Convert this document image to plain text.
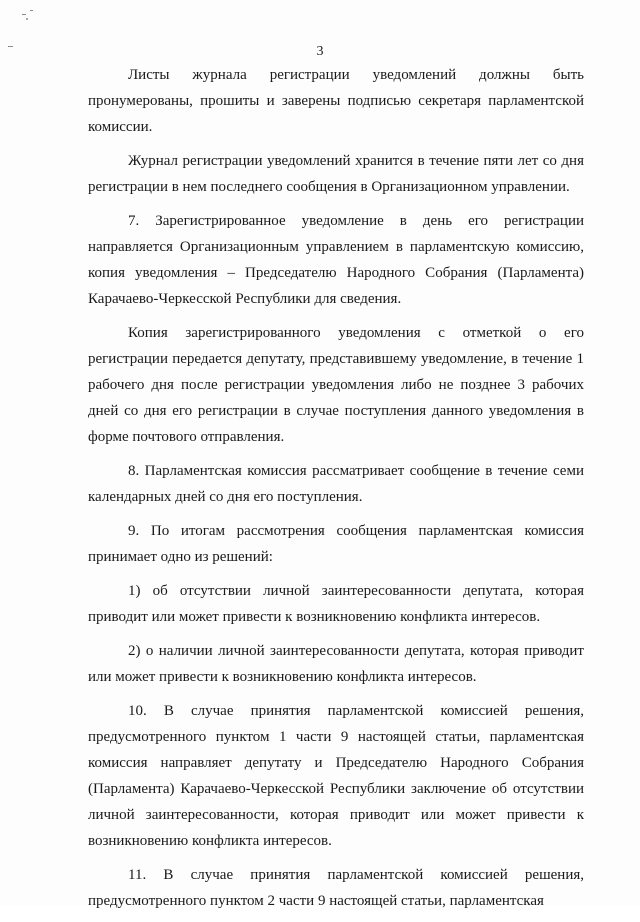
3

Листы журнала регистрации уведомлений должны быть пронумерованы, прошиты и заверены подписью секретаря парламентской комиссии.

Журнал регистрации уведомлений хранится в течение пяти лет со дня регистрации в нем последнего сообщения в Организационном управлении.

7. Зарегистрированное уведомление в день его регистрации направляется Организационным управлением в парламентскую комиссию, копия уведомления – Председателю Народного Собрания (Парламента) Карачаево-Черкесской Республики для сведения.

Копия зарегистрированного уведомления с отметкой о его регистрации передается депутату, представившему уведомление, в течение 1 рабочего дня после регистрации уведомления либо не позднее 3 рабочих дней со дня его регистрации в случае поступления данного уведомления в форме почтового отправления.

8. Парламентская комиссия рассматривает сообщение в течение семи календарных дней со дня его поступления.

9. По итогам рассмотрения сообщения парламентская комиссия принимает одно из решений:

1) об отсутствии личной заинтересованности депутата, которая приводит или может привести к возникновению конфликта интересов.

2) о наличии личной заинтересованности депутата, которая приводит или может привести к возникновению конфликта интересов.

10. В случае принятия парламентской комиссией решения, предусмотренного пунктом 1 части 9 настоящей статьи, парламентская комиссия направляет депутату и Председателю Народного Собрания (Парламента) Карачаево-Черкесской Республики заключение об отсутствии личной заинтересованности, которая приводит или может привести к возникновению конфликта интересов.

11. В случае принятия парламентской комиссией решения, предусмотренного пунктом 2 части 9 настоящей статьи, парламентская
